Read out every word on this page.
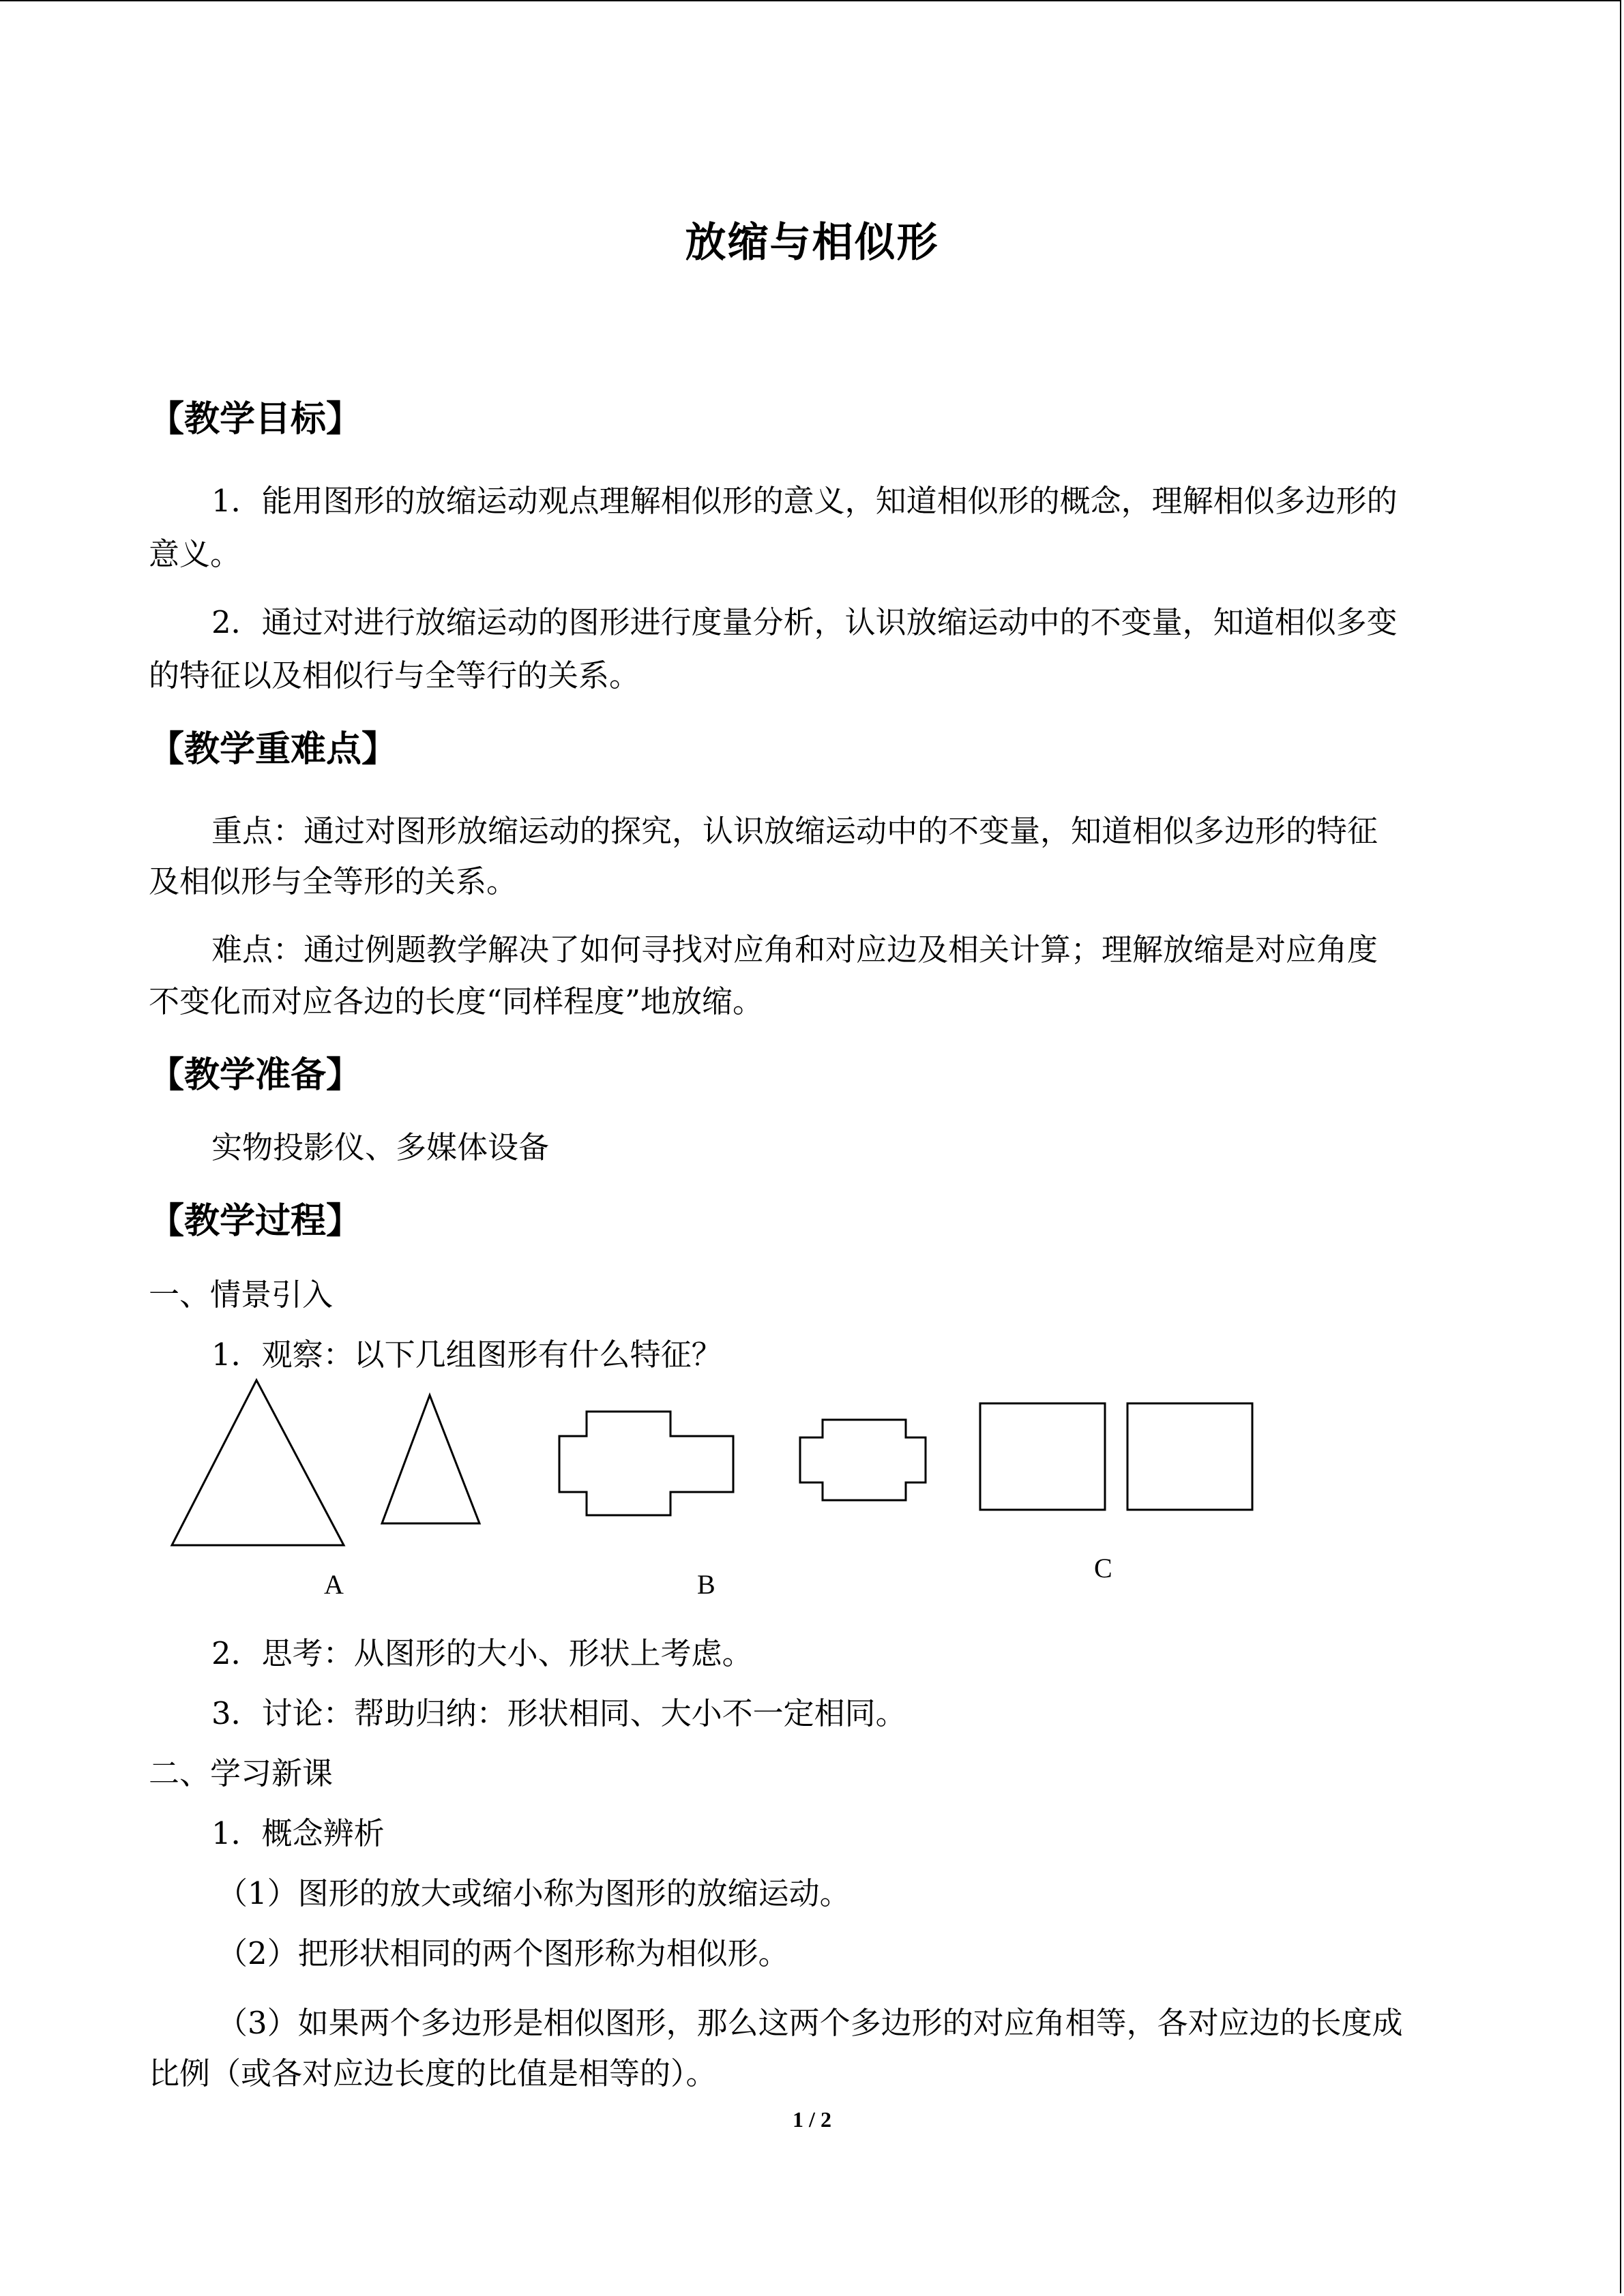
放缩与相似形
【教学目标】
1．能用图形的放缩运动观点理解相似形的意义，知道相似形的概念，理解相似多边形的
意义。
2．通过对进行放缩运动的图形进行度量分析，认识放缩运动中的不变量，知道相似多变
的特征以及相似行与全等行的关系。
【教学重难点】
重点：通过对图形放缩运动的探究，认识放缩运动中的不变量，知道相似多边形的特征
及相似形与全等形的关系。
难点：通过例题教学解决了如何寻找对应角和对应边及相关计算；理解放缩是对应角度
不变化而对应各边的长度“同样程度”地放缩。
【教学准备】
实物投影仪、多媒体设备
【教学过程】
一、情景引入
1．观察：以下几组图形有什么特征？
A	B
C
2．思考：从图形的大小、形状上考虑。
3．讨论：帮助归纳：形状相同、大小不一定相同。
二、学习新课
1．概念辨析
（1）图形的放大或缩小称为图形的放缩运动。
（2）把形状相同的两个图形称为相似形。
（3）如果两个多边形是相似图形，那么这两个多边形的对应角相等，各对应边的长度成
比例（或各对应边长度的比值是相等的）。
1 / 2
